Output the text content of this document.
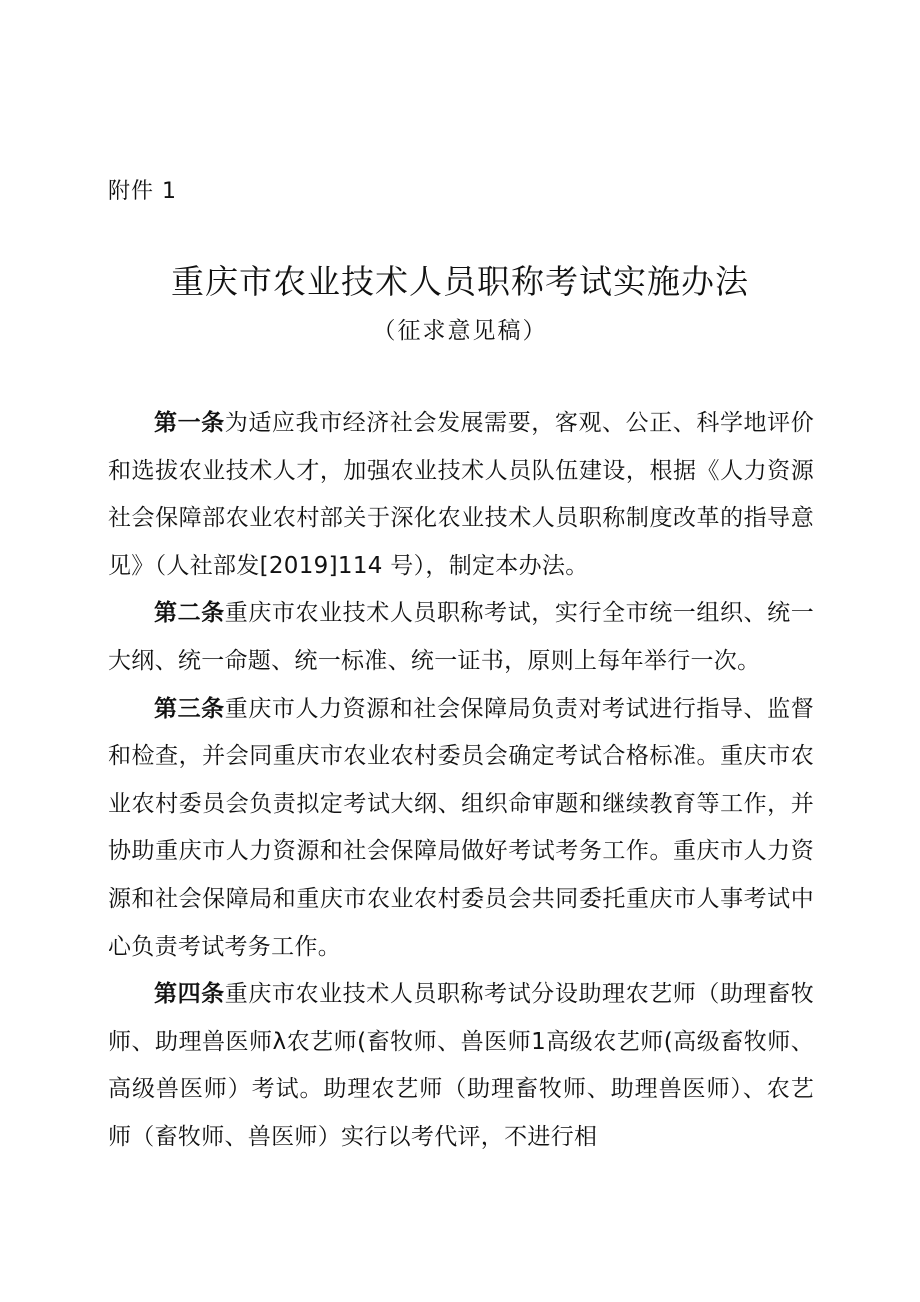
附件 1
重庆市农业技术人员职称考试实施办法
（征求意见稿）

第一条为适应我市经济社会发展需要，客观、公正、科学地评价和选拔农业技术人才，加强农业技术人员队伍建设，根据《人力资源社会保障部农业农村部关于深化农业技术人员职称制度改革的指导意见》（人社部发[2019]114 号），制定本办法。

第二条重庆市农业技术人员职称考试，实行全市统一组织、统一大纲、统一命题、统一标准、统一证书，原则上每年举行一次。

第三条重庆市人力资源和社会保障局负责对考试进行指导、监督和检查，并会同重庆市农业农村委员会确定考试合格标准。重庆市农业农村委员会负责拟定考试大纲、组织命审题和继续教育等工作，并协助重庆市人力资源和社会保障局做好考试考务工作。重庆市人力资源和社会保障局和重庆市农业农村委员会共同委托重庆市人事考试中心负责考试考务工作。

第四条重庆市农业技术人员职称考试分设助理农艺师（助理畜牧师、助理兽医师λ农艺师(畜牧师、兽医师1高级农艺师(高级畜牧师、高级兽医师）考试。助理农艺师（助理畜牧师、助理兽医师）、农艺师（畜牧师、兽医师）实行以考代评，不进行相
